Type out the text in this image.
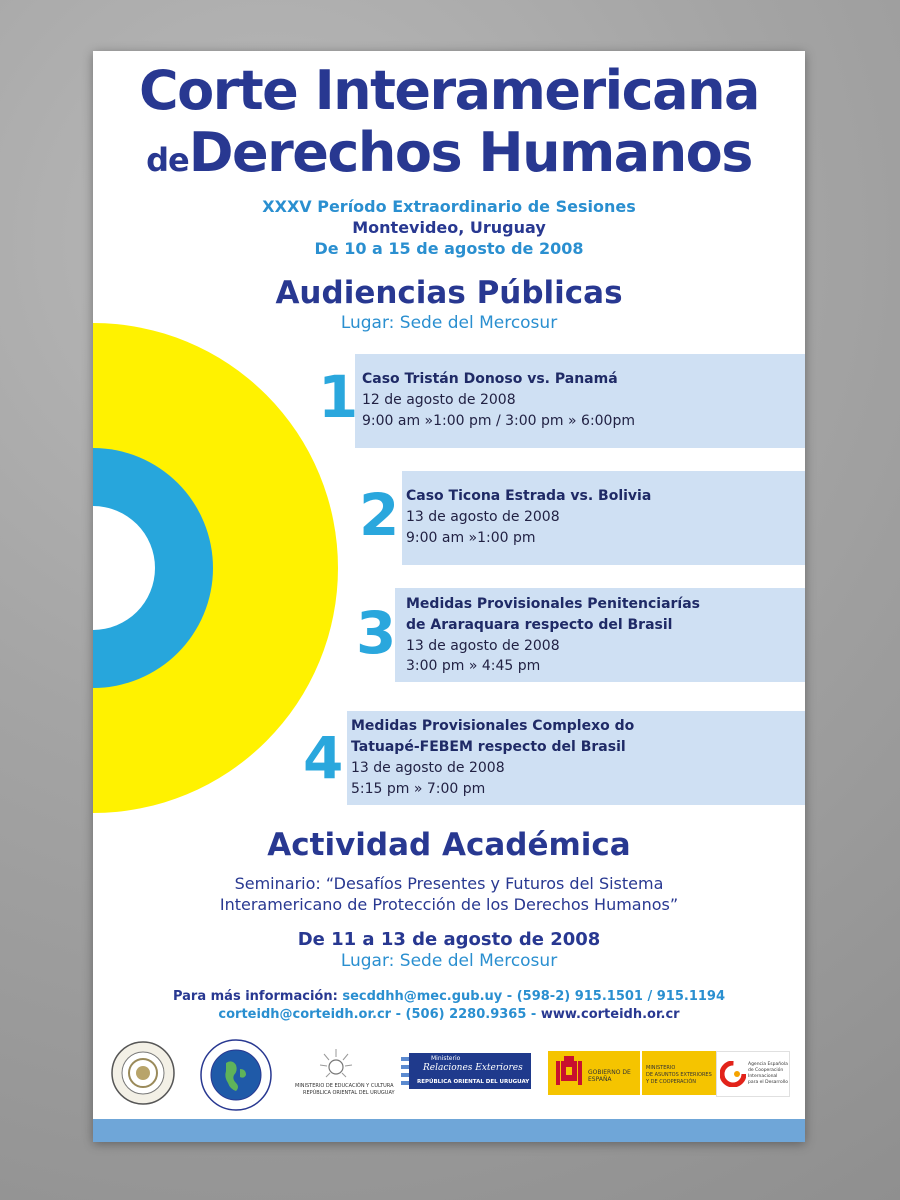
Corte Interamericana
deDerechos Humanos
XXXV Período Extraordinario de Sesiones
Montevideo, Uruguay
De 10 a 15 de agosto de 2008
Audiencias Públicas
Lugar: Sede del Mercosur
1 Caso Tristán Donoso vs. Panamá
12 de agosto de 2008
9:00 am »1:00 pm / 3:00 pm » 6:00pm
2 Caso Ticona Estrada vs. Bolivia
13 de agosto de 2008
9:00 am »1:00 pm
3 Medidas Provisionales Penitenciarías
de Araraquara respecto del Brasil
13 de agosto de 2008
3:00 pm » 4:45 pm
4 Medidas Provisionales Complexo do
Tatuapé-FEBEM respecto del Brasil
13 de agosto de 2008
5:15 pm » 7:00 pm
Actividad Académica
Seminario: “Desafíos Presentes y Futuros del Sistema
Interamericano de Protección de los Derechos Humanos”
De 11 a 13 de agosto de 2008
Lugar: Sede del Mercosur
Para más información: secddhh@mec.gub.uy - (598-2) 915.1501 / 915.1194
corteidh@corteidh.or.cr - (506) 2280.9365 - www.corteidh.or.cr
MINISTERIO DE EDUCACIÓN Y CULTURA
REPÚBLICA ORIENTAL DEL URUGUAY
Ministerio
Relaciones Exteriores
REPÚBLICA ORIENTAL DEL URUGUAY
GOBIERNO DE ESPAÑA
MINISTERIO
DE ASUNTOS EXTERIORES
Y DE COOPERACIÓN
Agencia Española
de Cooperación
Internacional
para el Desarrollo
